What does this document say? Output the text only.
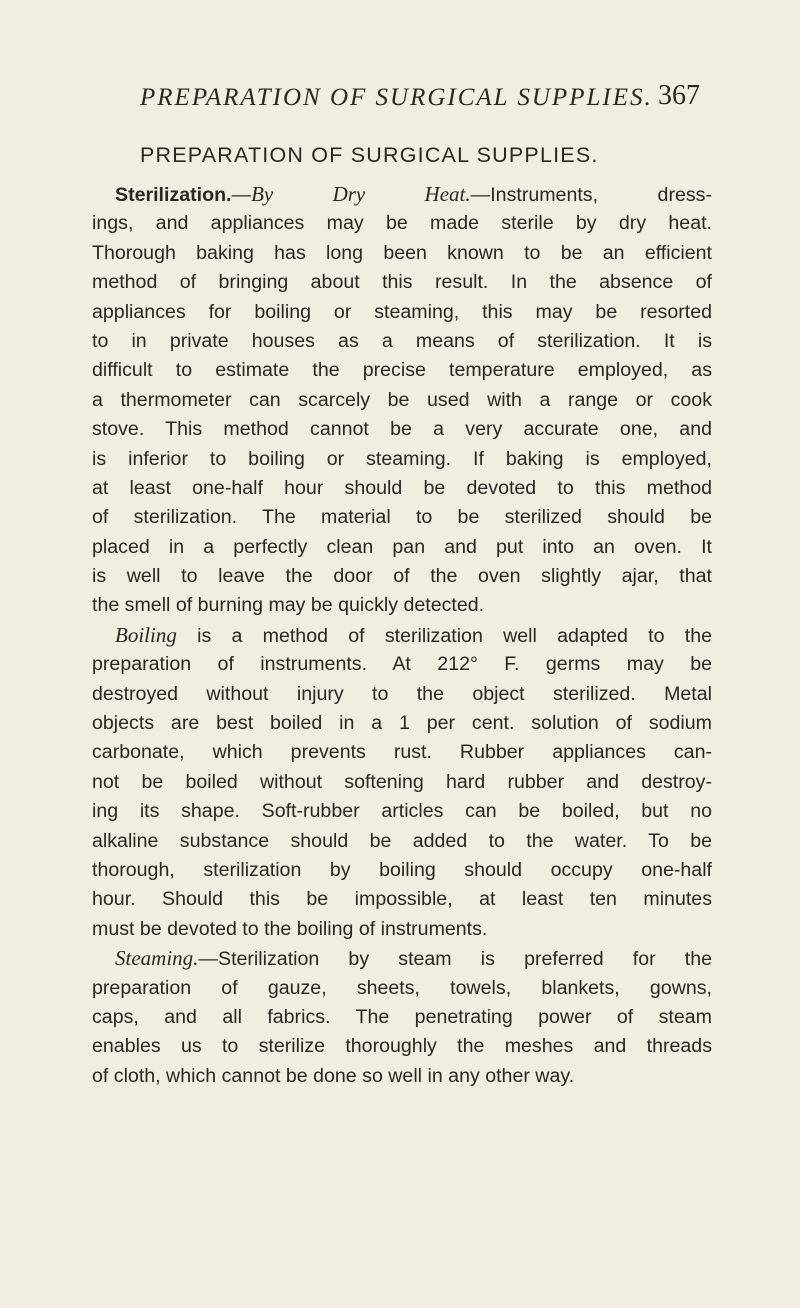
PREPARATION OF SURGICAL SUPPLIES. 367
PREPARATION OF SURGICAL SUPPLIES.
Sterilization.—By Dry Heat.—Instruments, dress-
ings, and appliances may be made sterile by dry heat.
Thorough baking has long been known to be an efficient
method of bringing about this result. In the absence of
appliances for boiling or steaming, this may be resorted
to in private houses as a means of sterilization. It is
difficult to estimate the precise temperature employed, as
a thermometer can scarcely be used with a range or cook
stove. This method cannot be a very accurate one, and
is inferior to boiling or steaming. If baking is employed,
at least one-half hour should be devoted to this method
of sterilization. The material to be sterilized should be
placed in a perfectly clean pan and put into an oven. It
is well to leave the door of the oven slightly ajar, that
the smell of burning may be quickly detected.
Boiling is a method of sterilization well adapted to the
preparation of instruments. At 212° F. germs may be
destroyed without injury to the object sterilized. Metal
objects are best boiled in a 1 per cent. solution of sodium
carbonate, which prevents rust. Rubber appliances can-
not be boiled without softening hard rubber and destroy-
ing its shape. Soft-rubber articles can be boiled, but no
alkaline substance should be added to the water. To be
thorough, sterilization by boiling should occupy one-half
hour. Should this be impossible, at least ten minutes
must be devoted to the boiling of instruments.
Steaming.—Sterilization by steam is preferred for the
preparation of gauze, sheets, towels, blankets, gowns,
caps, and all fabrics. The penetrating power of steam
enables us to sterilize thoroughly the meshes and threads
of cloth, which cannot be done so well in any other way.
